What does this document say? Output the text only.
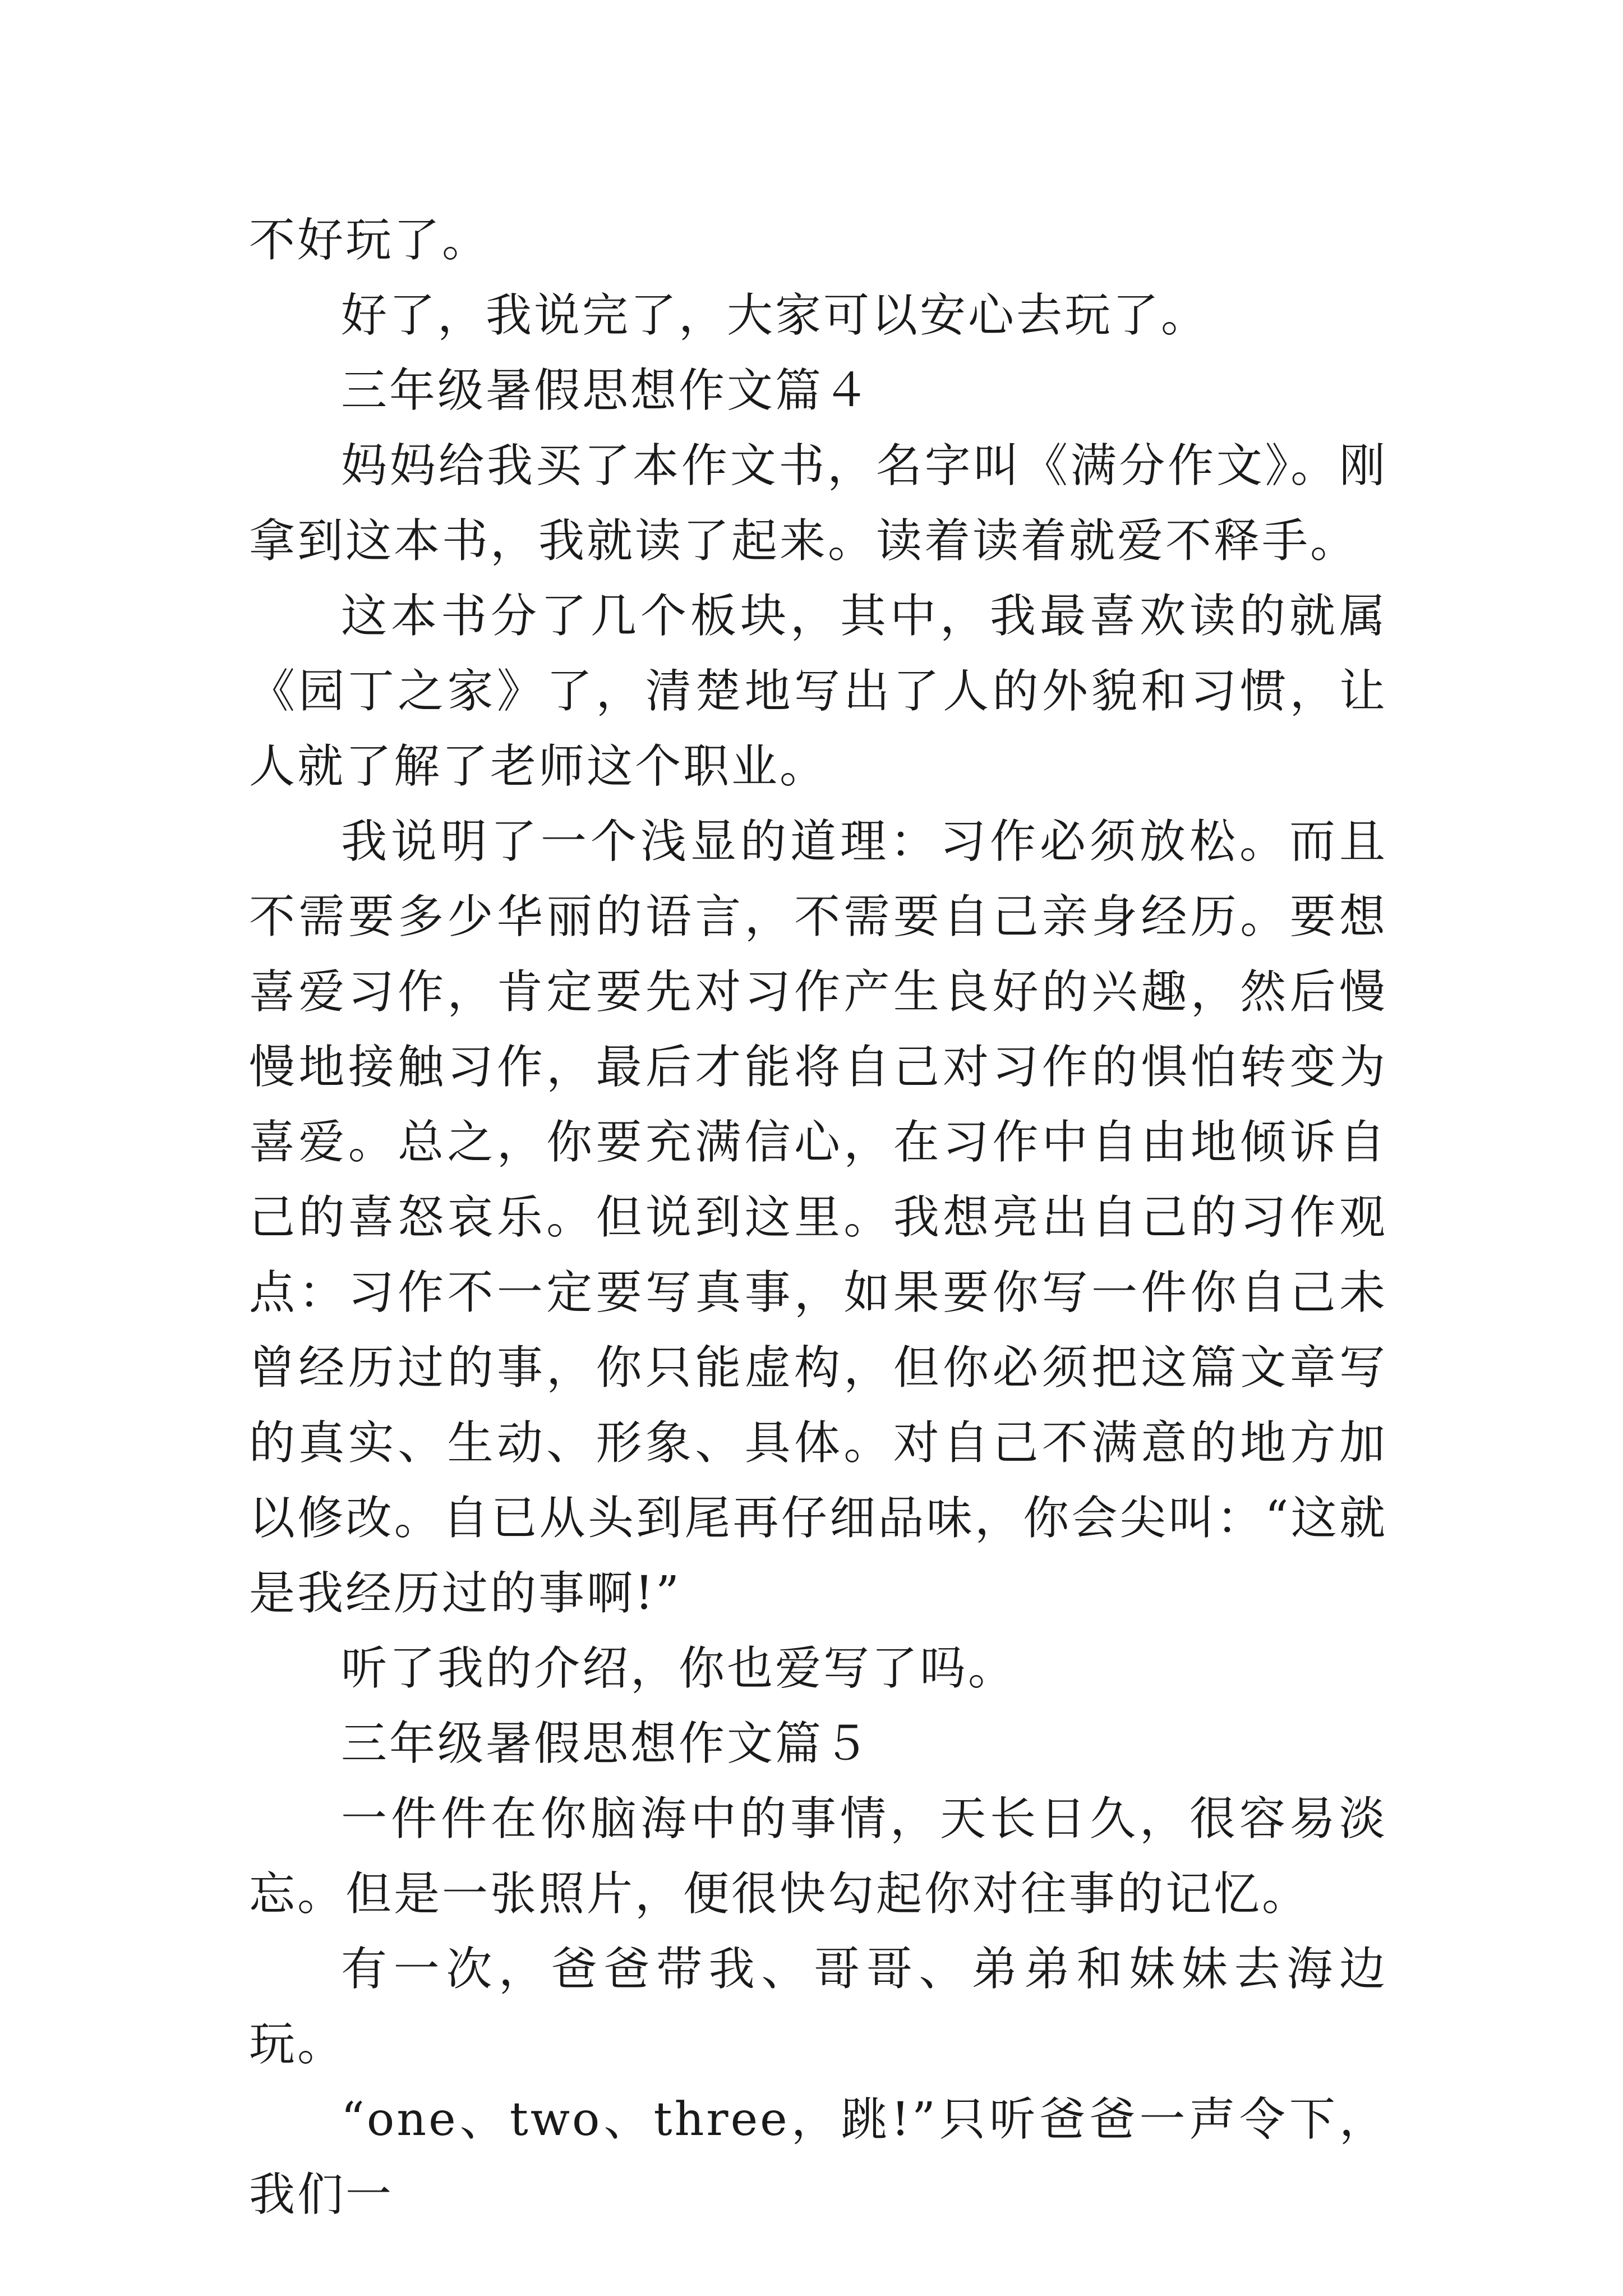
不好玩了。

好了，我说完了，大家可以安心去玩了。

三年级暑假思想作文篇４

妈妈给我买了本作文书，名字叫《满分作文》。刚拿到这本书，我就读了起来。读着读着就爱不释手。

这本书分了几个板块，其中，我最喜欢读的就属《园丁之家》了，清楚地写出了人的外貌和习惯，让人就了解了老师这个职业。

我说明了一个浅显的道理：习作必须放松。而且不需要多少华丽的语言，不需要自己亲身经历。要想喜爱习作，肯定要先对习作产生良好的兴趣，然后慢慢地接触习作，最后才能将自己对习作的惧怕转变为喜爱。总之，你要充满信心，在习作中自由地倾诉自己的喜怒哀乐。但说到这里。我想亮出自己的习作观点：习作不一定要写真事，如果要你写一件你自己未曾经历过的事，你只能虚构，但你必须把这篇文章写的真实、生动、形象、具体。对自己不满意的地方加以修改。自已从头到尾再仔细品味，你会尖叫：“这就是我经历过的事啊!”

听了我的介绍，你也爱写了吗。

三年级暑假思想作文篇５

一件件在你脑海中的事情，天长日久，很容易淡忘。但是一张照片，便很快勾起你对往事的记忆。

有一次，爸爸带我、哥哥、弟弟和妹妹去海边玩。

“one、two、three，跳!”只听爸爸一声令下，我们一
